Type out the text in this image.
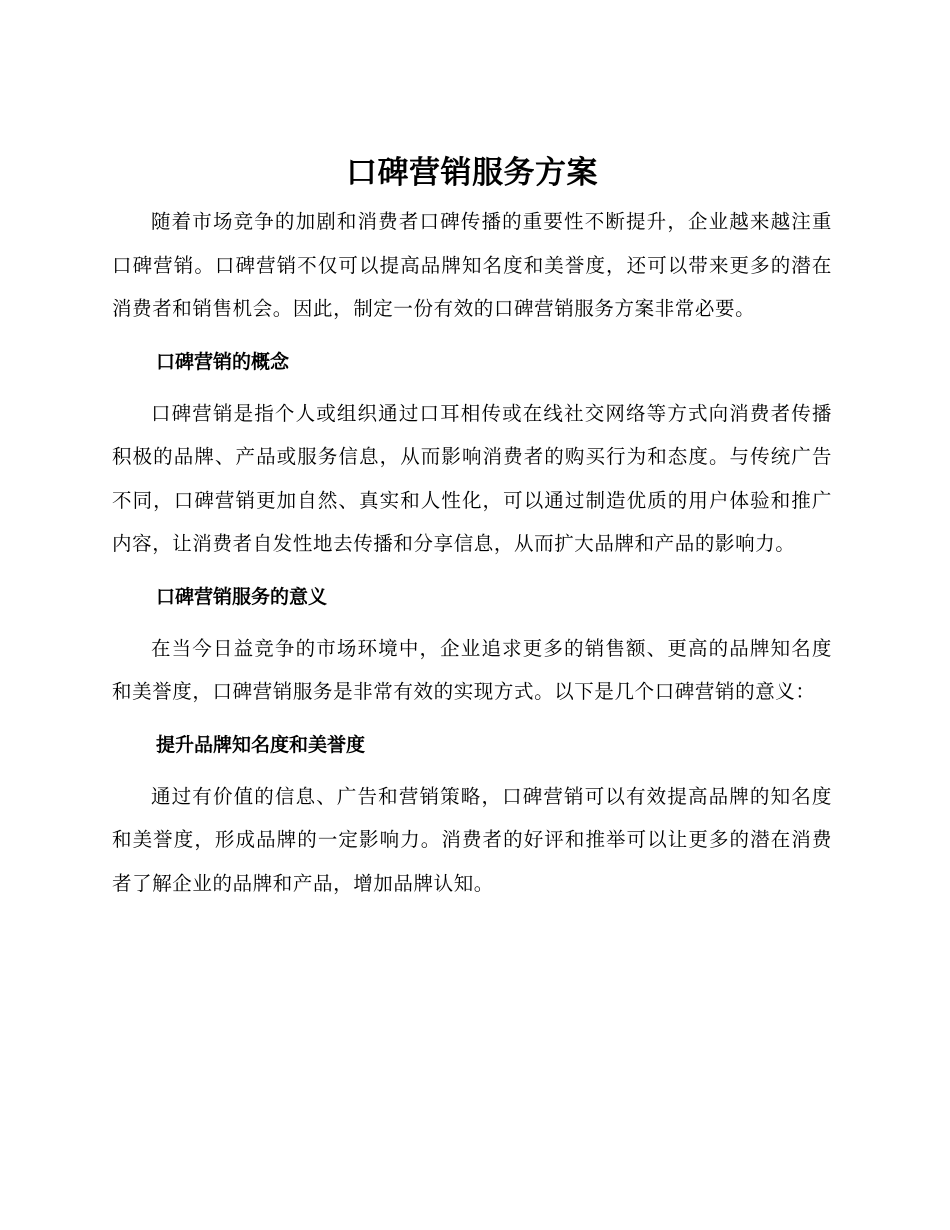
口碑营销服务方案

随着市场竞争的加剧和消费者口碑传播的重要性不断提升，企业越来越注重口碑营销。口碑营销不仅可以提高品牌知名度和美誉度，还可以带来更多的潜在消费者和销售机会。因此，制定一份有效的口碑营销服务方案非常必要。

口碑营销的概念

口碑营销是指个人或组织通过口耳相传或在线社交网络等方式向消费者传播积极的品牌、产品或服务信息，从而影响消费者的购买行为和态度。与传统广告不同，口碑营销更加自然、真实和人性化，可以通过制造优质的用户体验和推广内容，让消费者自发性地去传播和分享信息，从而扩大品牌和产品的影响力。

口碑营销服务的意义

在当今日益竞争的市场环境中，企业追求更多的销售额、更高的品牌知名度和美誉度，口碑营销服务是非常有效的实现方式。以下是几个口碑营销的意义：

提升品牌知名度和美誉度

通过有价值的信息、广告和营销策略，口碑营销可以有效提高品牌的知名度和美誉度，形成品牌的一定影响力。消费者的好评和推举可以让更多的潜在消费者了解企业的品牌和产品，增加品牌认知。
